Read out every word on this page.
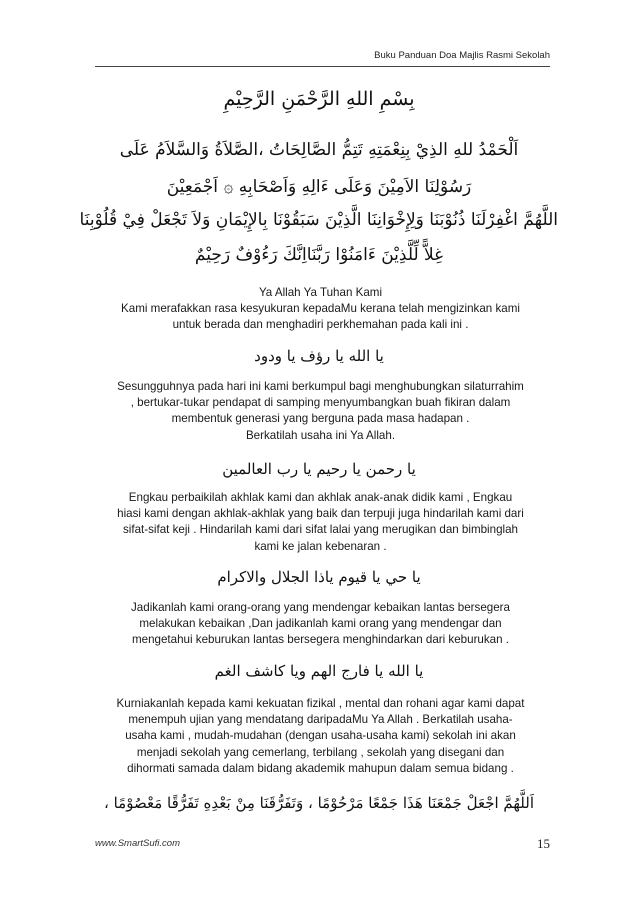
Buku Panduan Doa Majlis Rasmi Sekolah
بِسْمِ اللهِ الرَّحْمَنِ الرَّحِيْمِ
اَلْحَمْدُ للهِ الذِيْ بِنِعْمَتِهِ تَتِمُّ الصَّالِحَاتُ ،الصَّلاَةُ وَالسَّلاَمُ عَلَى
رَسُوْلِنَا الاَمِيْنَ وَعَلَى ءَالِهِ وَاَصْحَابِهِ ۞ اَجْمَعِيْنَ
اللَّهُمَّ اغْفِرْلَنَا ذُنُوْبَنَا وَلِإِخْوَانِنَا الَّذِيْنَ سَبَقُوْنَا بِالإِيْمَانِ وَلاَ تَجْعَلْ فِيْ قُلُوْبِنَا
غِلاًّ لِّلَّذِيْنَ ءَامَنُوْا رَبَّنَااِنَّكَ رَءُوْفٌ رَحِيْمٌ
Ya Allah Ya Tuhan Kami
Kami merafakkan rasa kesyukuran kepadaMu kerana telah mengizinkan kami
untuk berada dan menghadiri perkhemahan pada kali ini .
يا الله يا رؤف يا ودود
Sesungguhnya pada hari ini kami berkumpul bagi menghubungkan silaturrahim
, bertukar-tukar pendapat di samping menyumbangkan buah fikiran dalam
membentuk generasi yang berguna pada masa hadapan .
Berkatilah usaha ini Ya Allah.
يا رحمن يا رحيم يا رب العالمين
Engkau perbaikilah akhlak kami dan akhlak anak-anak didik kami , Engkau
hiasi kami dengan akhlak-akhlak yang baik dan terpuji juga hindarilah kami dari
sifat-sifat keji . Hindarilah kami dari sifat lalai yang merugikan dan bimbinglah
kami ke jalan kebenaran .
يا حي يا قيوم ياذا الجلال والاكرام
Jadikanlah kami orang-orang yang mendengar kebaikan lantas bersegera
melakukan kebaikan ,Dan jadikanlah kami orang yang mendengar dan
mengetahui keburukan lantas bersegera menghindarkan dari keburukan .
يا الله يا فارج الهم ويا كاشف الغم
Kurniakanlah kepada kami kekuatan fizikal , mental dan rohani agar kami dapat
menempuh ujian yang mendatang daripadaMu Ya Allah . Berkatilah usaha-
usaha kami , mudah-mudahan (dengan usaha-usaha kami) sekolah ini akan
menjadi sekolah yang cemerlang, terbilang , sekolah yang disegani dan
dihormati samada dalam bidang akademik mahupun dalam semua bidang .
اَللَّهُمَّ اجْعَلْ جَمْعَنَا هَذَا جَمْعًا مَرْحُوْمًا ، وَتَفَرُّقَنَا مِنْ بَعْدِهِ تَفَرُّقًا مَعْصُوْمًا ،
www.SmartSufi.com	15
